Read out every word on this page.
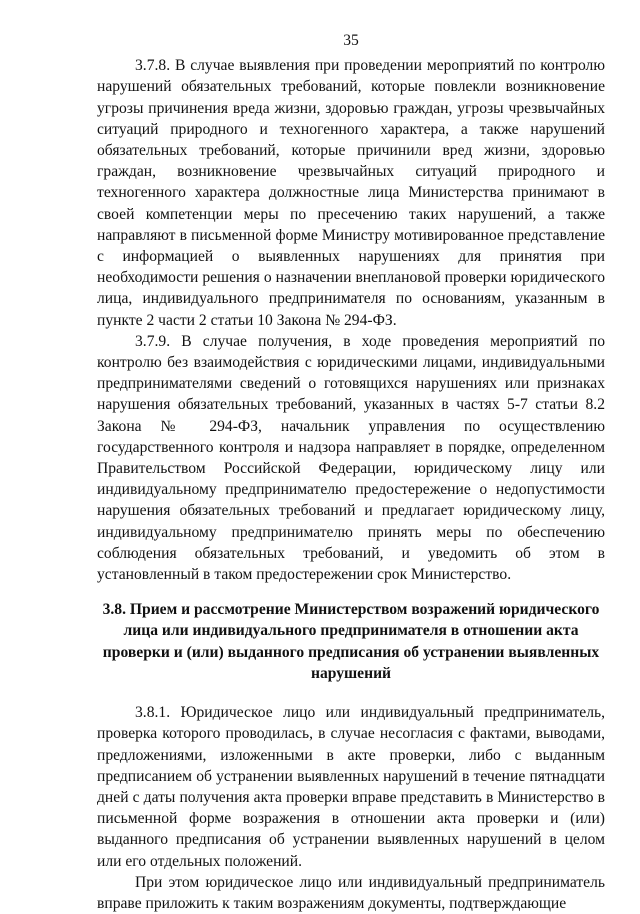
35

3.7.8. В случае выявления при проведении мероприятий по контролю нарушений обязательных требований, которые повлекли возникновение угрозы причинения вреда жизни, здоровью граждан, угрозы чрезвычайных ситуаций природного и техногенного характера, а также нарушений обязательных требований, которые причинили вред жизни, здоровью граждан, возникновение чрезвычайных ситуаций природного и техногенного характера должностные лица Министерства принимают в своей компетенции меры по пресечению таких нарушений, а также направляют в письменной форме Министру мотивированное представление с информацией о выявленных нарушениях для принятия при необходимости решения о назначении внеплановой проверки юридического лица, индивидуального предпринимателя по основаниям, указанным в пункте 2 части 2 статьи 10 Закона № 294-ФЗ.

3.7.9. В случае получения, в ходе проведения мероприятий по контролю без взаимодействия с юридическими лицами, индивидуальными предпринимателями сведений о готовящихся нарушениях или признаках нарушения обязательных требований, указанных в частях 5-7 статьи 8.2 Закона № 294-ФЗ, начальник управления по осуществлению государственного контроля и надзора направляет в порядке, определенном Правительством Российской Федерации, юридическому лицу или индивидуальному предпринимателю предостережение о недопустимости нарушения обязательных требований и предлагает юридическому лицу, индивидуальному предпринимателю принять меры по обеспечению соблюдения обязательных требований, и уведомить об этом в установленный в таком предостережении срок Министерство.

3.8. Прием и рассмотрение Министерством возражений юридического лица или индивидуального предпринимателя в отношении акта проверки и (или) выданного предписания об устранении выявленных нарушений

3.8.1. Юридическое лицо или индивидуальный предприниматель, проверка которого проводилась, в случае несогласия с фактами, выводами, предложениями, изложенными в акте проверки, либо с выданным предписанием об устранении выявленных нарушений в течение пятнадцати дней с даты получения акта проверки вправе представить в Министерство в письменной форме возражения в отношении акта проверки и (или) выданного предписания об устранении выявленных нарушений в целом или его отдельных положений.

При этом юридическое лицо или индивидуальный предприниматель вправе приложить к таким возражениям документы, подтверждающие
